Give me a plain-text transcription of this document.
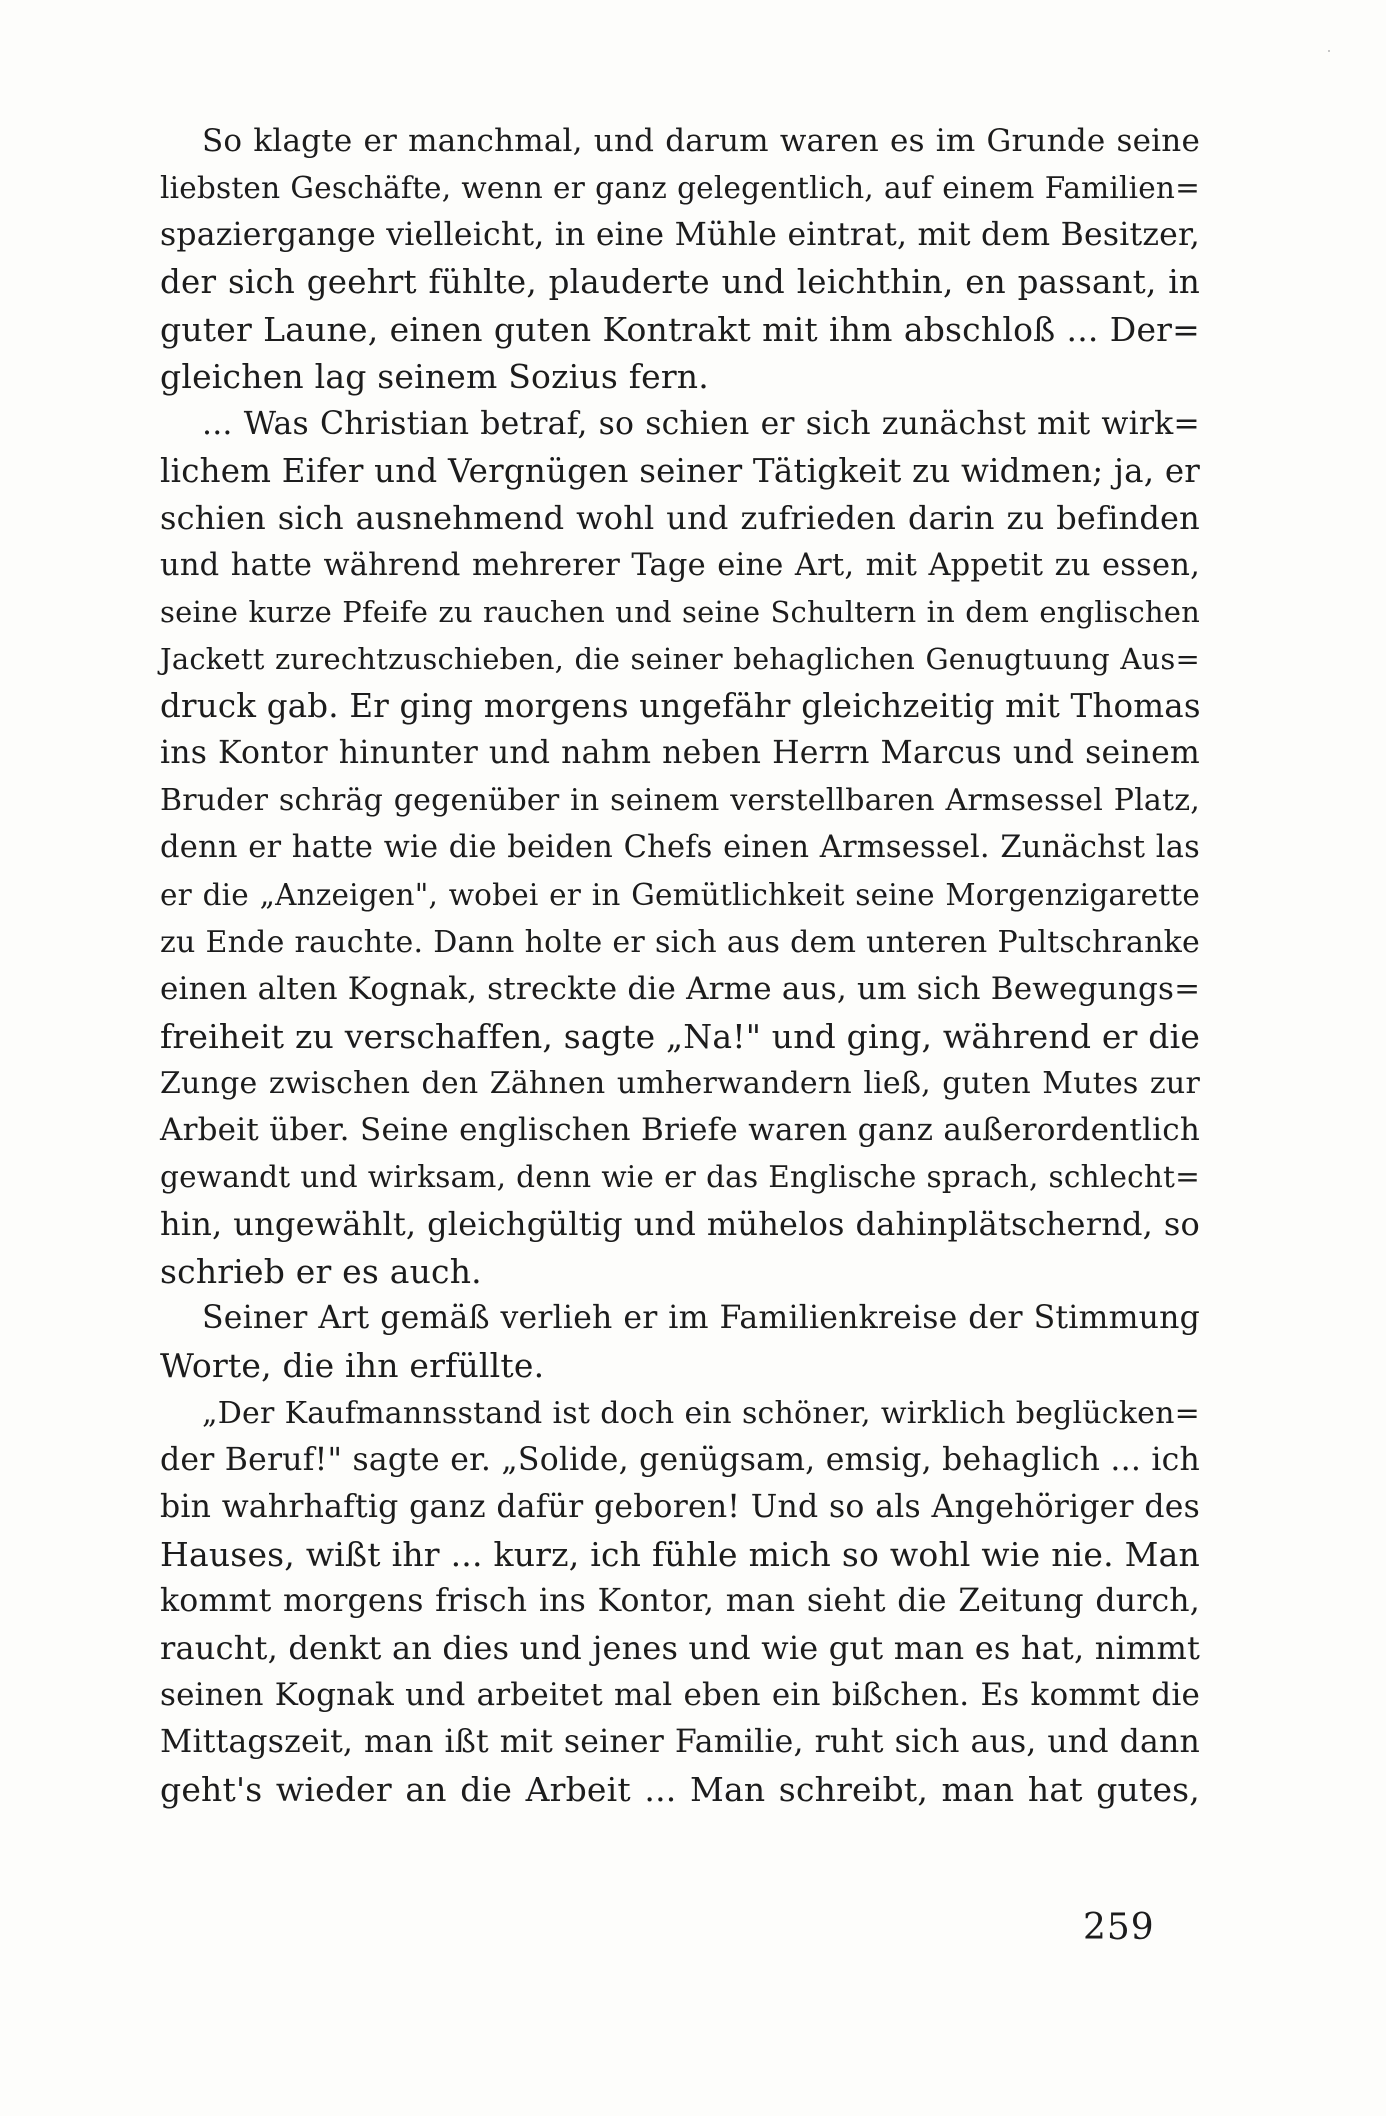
So klagte er manchmal, und darum waren es im Grunde seine
liebsten Geschäfte, wenn er ganz gelegentlich, auf einem Familien=
spaziergange vielleicht, in eine Mühle eintrat, mit dem Besitzer,
der sich geehrt fühlte, plauderte und leichthin, en passant, in
guter Laune, einen guten Kontrakt mit ihm abschloß ... Der=
gleichen lag seinem Sozius fern.
... Was Christian betraf, so schien er sich zunächst mit wirk=
lichem Eifer und Vergnügen seiner Tätigkeit zu widmen; ja, er
schien sich ausnehmend wohl und zufrieden darin zu befinden
und hatte während mehrerer Tage eine Art, mit Appetit zu essen,
seine kurze Pfeife zu rauchen und seine Schultern in dem englischen
Jackett zurechtzuschieben, die seiner behaglichen Genugtuung Aus=
druck gab. Er ging morgens ungefähr gleichzeitig mit Thomas
ins Kontor hinunter und nahm neben Herrn Marcus und seinem
Bruder schräg gegenüber in seinem verstellbaren Armsessel Platz,
denn er hatte wie die beiden Chefs einen Armsessel. Zunächst las
er die „Anzeigen", wobei er in Gemütlichkeit seine Morgenzigarette
zu Ende rauchte. Dann holte er sich aus dem unteren Pultschranke
einen alten Kognak, streckte die Arme aus, um sich Bewegungs=
freiheit zu verschaffen, sagte „Na!" und ging, während er die
Zunge zwischen den Zähnen umherwandern ließ, guten Mutes zur
Arbeit über. Seine englischen Briefe waren ganz außerordentlich
gewandt und wirksam, denn wie er das Englische sprach, schlecht=
hin, ungewählt, gleichgültig und mühelos dahinplätschernd, so
schrieb er es auch.
Seiner Art gemäß verlieh er im Familienkreise der Stimmung
Worte, die ihn erfüllte.
„Der Kaufmannsstand ist doch ein schöner, wirklich beglücken=
der Beruf!" sagte er. „Solide, genügsam, emsig, behaglich ... ich
bin wahrhaftig ganz dafür geboren! Und so als Angehöriger des
Hauses, wißt ihr ... kurz, ich fühle mich so wohl wie nie. Man
kommt morgens frisch ins Kontor, man sieht die Zeitung durch,
raucht, denkt an dies und jenes und wie gut man es hat, nimmt
seinen Kognak und arbeitet mal eben ein bißchen. Es kommt die
Mittagszeit, man ißt mit seiner Familie, ruht sich aus, und dann
geht's wieder an die Arbeit ... Man schreibt, man hat gutes,
259
